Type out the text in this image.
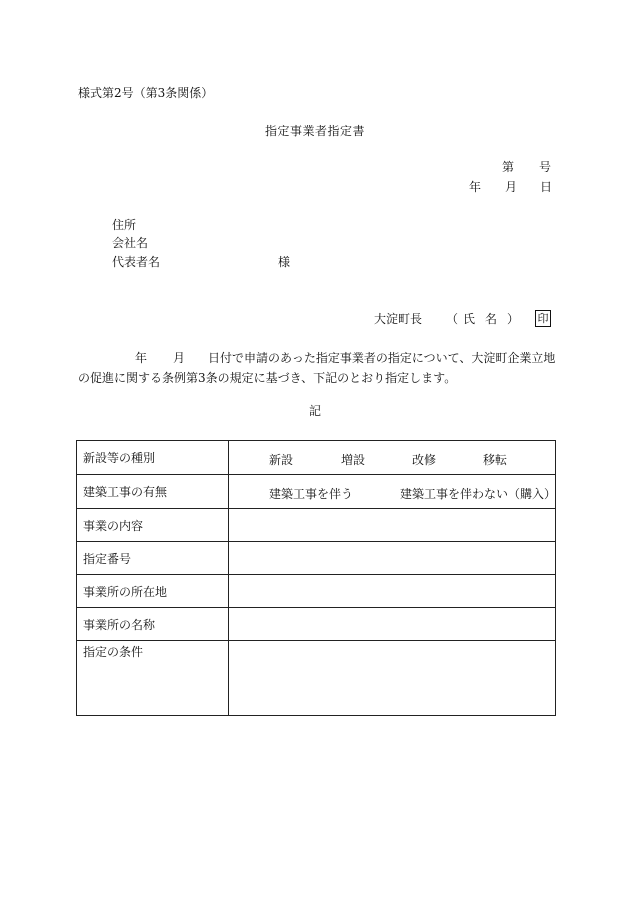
様式第2号（第3条関係）
指定事業者指定書
第 号
年 月 日
住所
会社名
代表者名	様
大淀町長 （ 氏 名 ） 印
年 月 日付で申請のあった指定事業者の指定について、大淀町企業立地
の促進に関する条例第3条の規定に基づき、下記のとおり指定します。
記
新設等の種別	新設 増設 改修 移転

建築工事の有無	建築工事を伴う 建築工事を伴わない（購入）

事業の内容	
指定番号	
事業所の所在地	
事業所の名称	
指定の条件	
